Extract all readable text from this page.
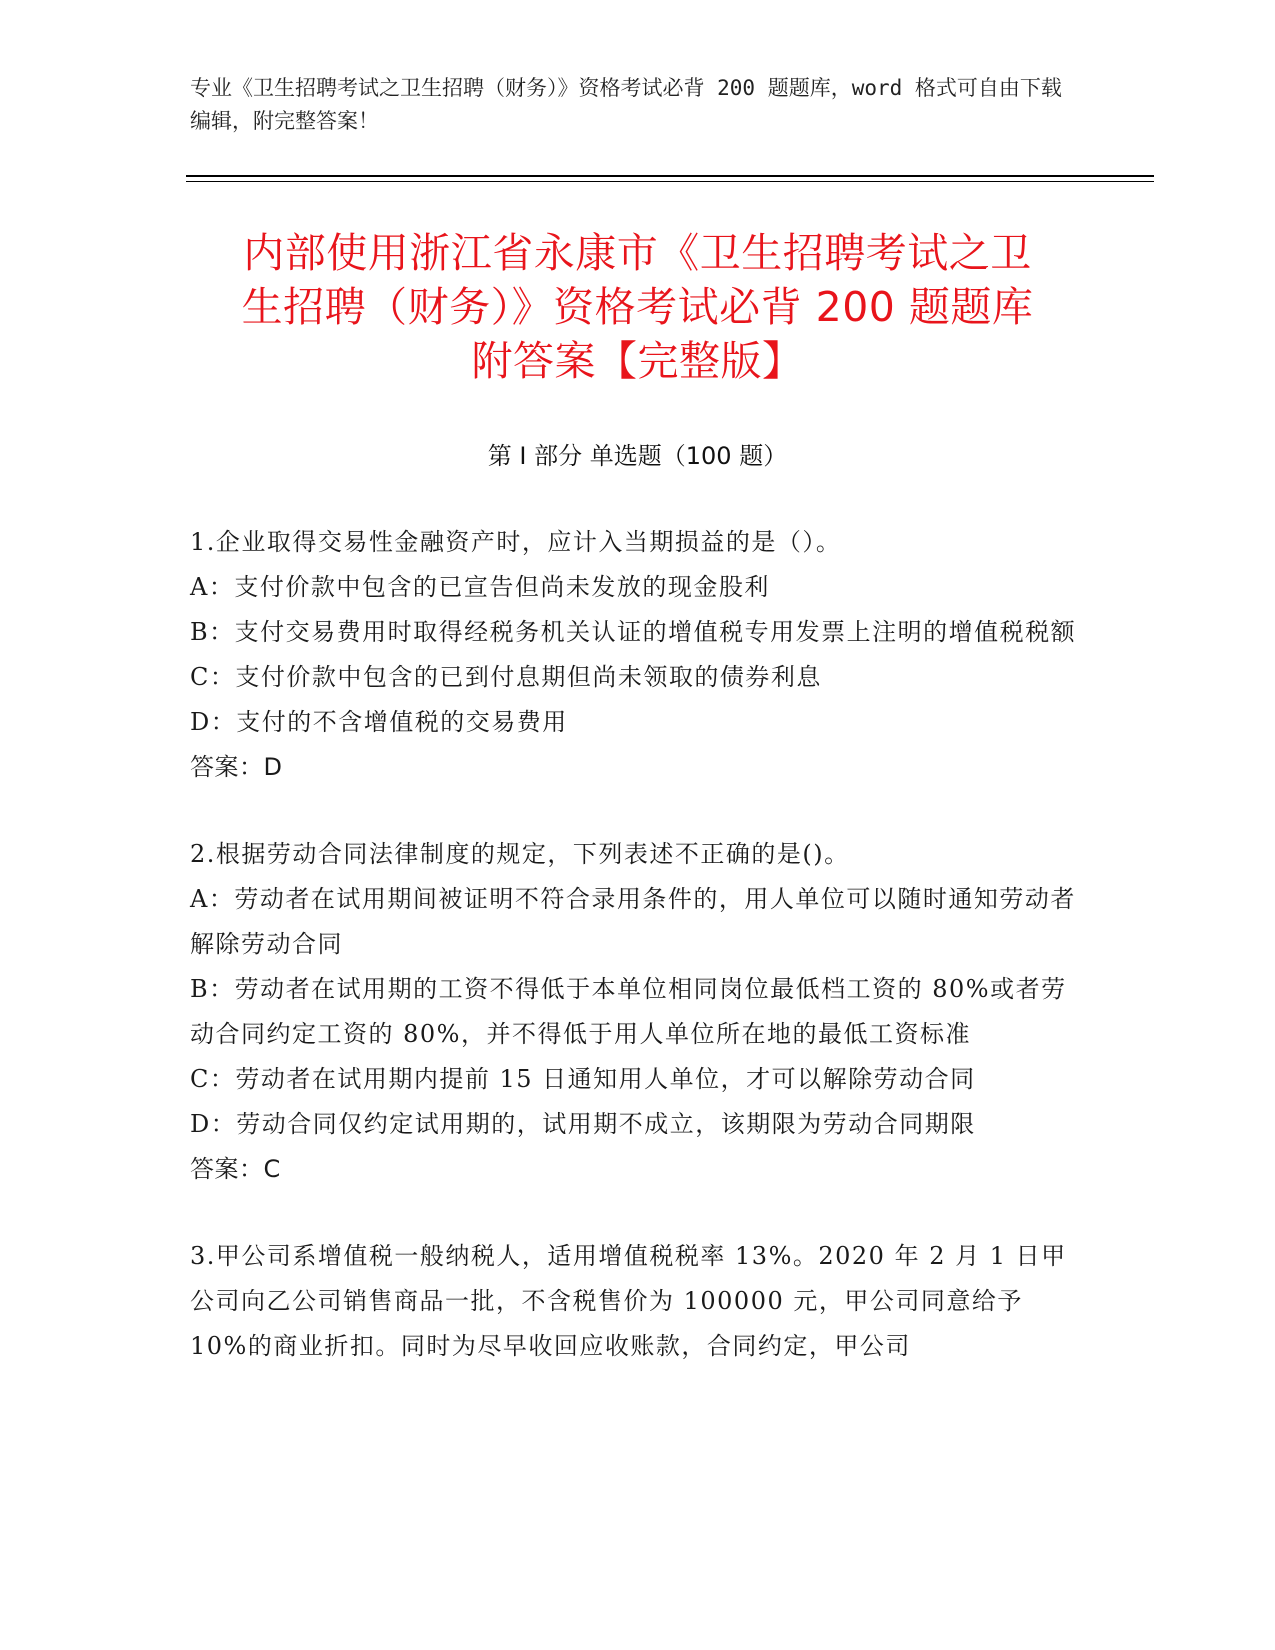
专业《卫生招聘考试之卫生招聘（财务）》资格考试必背 200 题题库，word 格式可自由下载编辑，附完整答案！
内部使用浙江省永康市《卫生招聘考试之卫
生招聘（财务）》资格考试必背 200 题题库
附答案【完整版】
第 I 部分 单选题（100 题）
1.企业取得交易性金融资产时，应计入当期损益的是（）。
A：支付价款中包含的已宣告但尚未发放的现金股利
B：支付交易费用时取得经税务机关认证的增值税专用发票上注明的增值税税额
C：支付价款中包含的已到付息期但尚未领取的债券利息
D：支付的不含增值税的交易费用
答案：D
2.根据劳动合同法律制度的规定，下列表述不正确的是()。
A：劳动者在试用期间被证明不符合录用条件的，用人单位可以随时通知劳动者解除劳动合同
B：劳动者在试用期的工资不得低于本单位相同岗位最低档工资的 80%或者劳动合同约定工资的 80%，并不得低于用人单位所在地的最低工资标准
C：劳动者在试用期内提前 15 日通知用人单位，才可以解除劳动合同
D：劳动合同仅约定试用期的，试用期不成立，该期限为劳动合同期限
答案：C
3.甲公司系增值税一般纳税人，适用增值税税率 13%。2020 年 2 月 1 日甲公司向乙公司销售商品一批，不含税售价为 100000 元，甲公司同意给予 10%的商业折扣。同时为尽早收回应收账款，合同约定，甲公司
